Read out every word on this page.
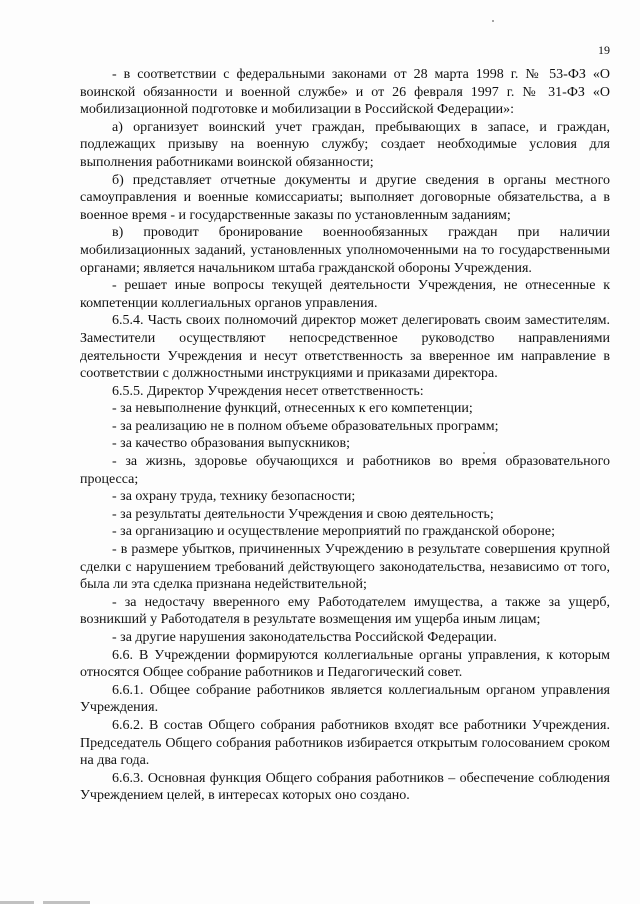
19

- в соответствии с федеральными законами от 28 марта 1998 г. № 53-ФЗ «О воинской обязанности и военной службе» и от 26 февраля 1997 г. № 31-ФЗ «О мобилизационной подготовке и мобилизации в Российской Федерации»:

а) организует воинский учет граждан, пребывающих в запасе, и граждан, подлежащих призыву на военную службу; создает необходимые условия для выполнения работниками воинской обязанности;

б) представляет отчетные документы и другие сведения в органы местного самоуправления и военные комиссариаты; выполняет договорные обязательства, а в военное время - и государственные заказы по установленным заданиям;

в) проводит бронирование военнообязанных граждан при наличии мобилизационных заданий, установленных уполномоченными на то государственными органами; является начальником штаба гражданской обороны Учреждения.

- решает иные вопросы текущей деятельности Учреждения, не отнесенные к компетенции коллегиальных органов управления.

6.5.4. Часть своих полномочий директор может делегировать своим заместителям. Заместители осуществляют непосредственное руководство направлениями деятельности Учреждения и несут ответственность за вверенное им направление в соответствии с должностными инструкциями и приказами директора.

6.5.5. Директор Учреждения несет ответственность:

- за невыполнение функций, отнесенных к его компетенции;

- за реализацию не в полном объеме образовательных программ;

- за качество образования выпускников;

- за жизнь, здоровье обучающихся и работников во время образовательного процесса;

- за охрану труда, технику безопасности;

- за результаты деятельности Учреждения и свою деятельность;

- за организацию и осуществление мероприятий по гражданской обороне;

- в размере убытков, причиненных Учреждению в результате совершения крупной сделки с нарушением требований действующего законодательства, независимо от того, была ли эта сделка признана недействительной;

- за недостачу вверенного ему Работодателем имущества, а также за ущерб, возникший у Работодателя в результате возмещения им ущерба иным лицам;

- за другие нарушения законодательства Российской Федерации.

6.6. В Учреждении формируются коллегиальные органы управления, к которым относятся Общее собрание работников и Педагогический совет.

6.6.1. Общее собрание работников является коллегиальным органом управления Учреждения.

6.6.2. В состав Общего собрания работников входят все работники Учреждения. Председатель Общего собрания работников избирается открытым голосованием сроком на два года.

6.6.3. Основная функция Общего собрания работников – обеспечение соблюдения Учреждением целей, в интересах которых оно создано.
